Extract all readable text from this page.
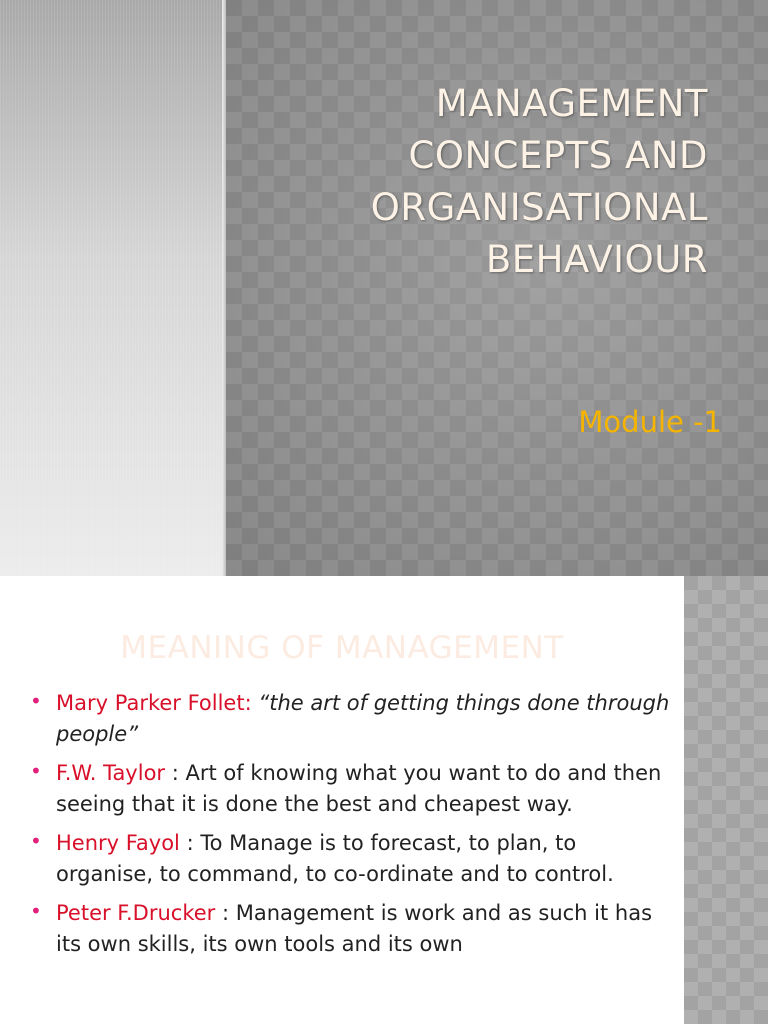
MANAGEMENT
CONCEPTS AND
ORGANISATIONAL
BEHAVIOUR
Module -1
MEANING OF MANAGEMENT
• Mary Parker Follet: “the art of getting things done through people”
• F.W. Taylor : Art of knowing what you want to do and then seeing that it is done the best and cheapest way.
• Henry Fayol : To Manage is to forecast, to plan, to organise, to command, to co-ordinate and to control.
• Peter F.Drucker : Management is work and as such it has its own skills, its own tools and its own
